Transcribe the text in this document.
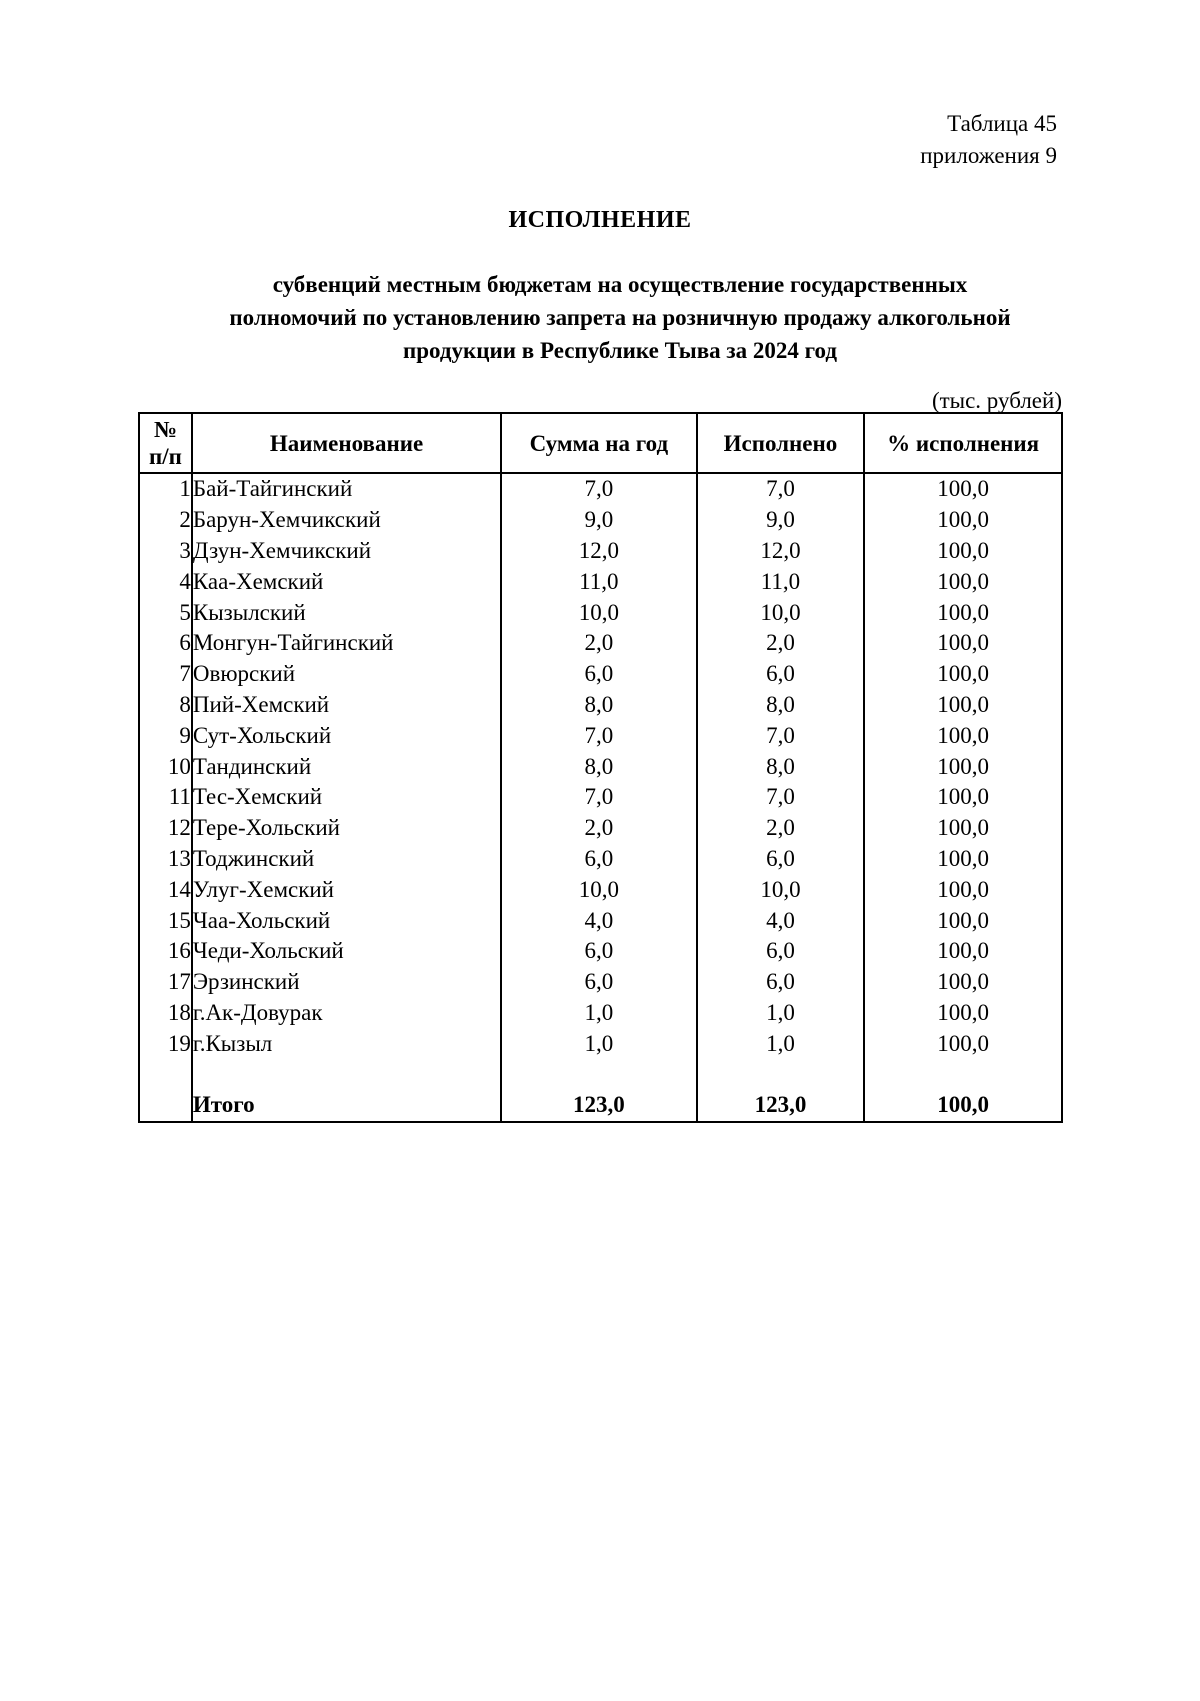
Таблица 45
приложения 9
ИСПОЛНЕНИЕ
субвенций местным бюджетам на осуществление государственных
полномочий по установлению запрета на розничную продажу алкогольной
продукции в Республике Тыва за 2024 год
(тыс. рублей)
№
п/п	Наименование	Сумма на год	Исполнено	% исполнения
1	Бай-Тайгинский	7,0	7,0	100,0
2	Барун-Хемчикский	9,0	9,0	100,0
3	Дзун-Хемчикский	12,0	12,0	100,0
4	Каа-Хемский	11,0	11,0	100,0
5	Кызылский	10,0	10,0	100,0
6	Монгун-Тайгинский	2,0	2,0	100,0
7	Овюрский	6,0	6,0	100,0
8	Пий-Хемский	8,0	8,0	100,0
9	Сут-Хольский	7,0	7,0	100,0
10	Тандинский	8,0	8,0	100,0
11	Тес-Хемский	7,0	7,0	100,0
12	Тере-Хольский	2,0	2,0	100,0
13	Тоджинский	6,0	6,0	100,0
14	Улуг-Хемский	10,0	10,0	100,0
15	Чаа-Хольский	4,0	4,0	100,0
16	Чеди-Хольский	6,0	6,0	100,0
17	Эрзинский	6,0	6,0	100,0
18	г.Ак-Довурак	1,0	1,0	100,0
19	г.Кызыл	1,0	1,0	100,0

	Итого	123,0	123,0	100,0
